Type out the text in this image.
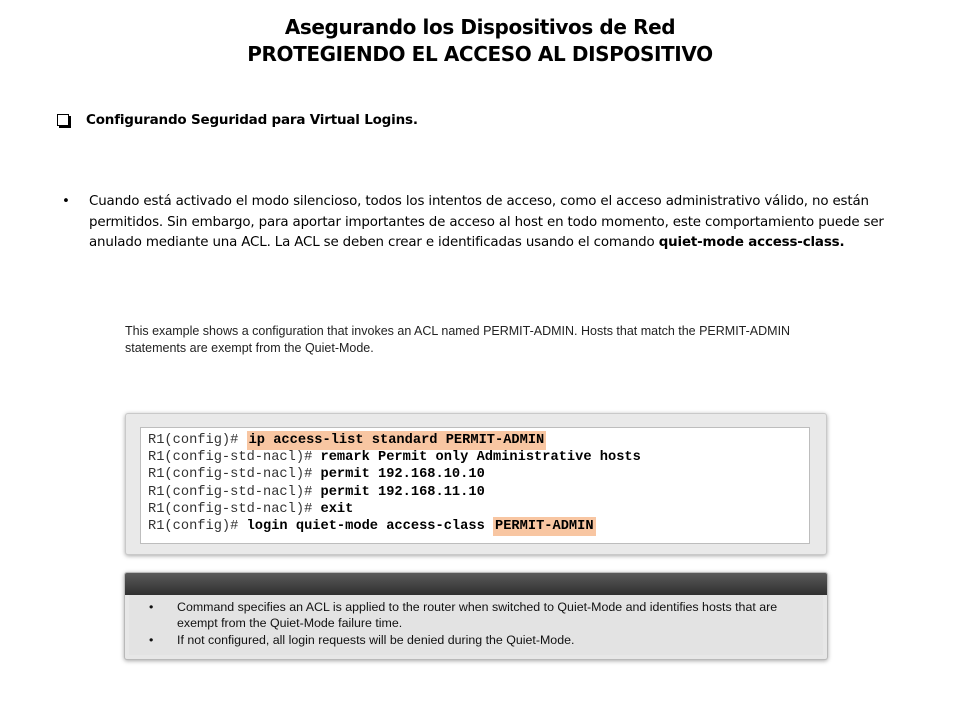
Asegurando los Dispositivos de Red
PROTEGIENDO EL ACCESO AL DISPOSITIVO
Configurando Seguridad para Virtual Logins.
•	Cuando está activado el modo silencioso, todos los intentos de acceso, como el acceso administrativo válido, no están permitidos. Sin embargo, para aportar importantes de acceso al host en todo momento, este comportamiento puede ser anulado mediante una ACL. La ACL se deben crear e identificadas usando el comando quiet-mode access-class.
This example shows a configuration that invokes an ACL named PERMIT-ADMIN. Hosts that match the PERMIT-ADMIN statements are exempt from the Quiet-Mode.
R1(config)# ip access-list standard PERMIT-ADMIN
R1(config-std-nacl)# remark Permit only Administrative hosts
R1(config-std-nacl)# permit 192.168.10.10
R1(config-std-nacl)# permit 192.168.11.10
R1(config-std-nacl)# exit
R1(config)# login quiet-mode access-class PERMIT-ADMIN
•	Command specifies an ACL is applied to the router when switched to Quiet-Mode and identifies hosts that are exempt from the Quiet-Mode failure time.
•	If not configured, all login requests will be denied during the Quiet-Mode.
